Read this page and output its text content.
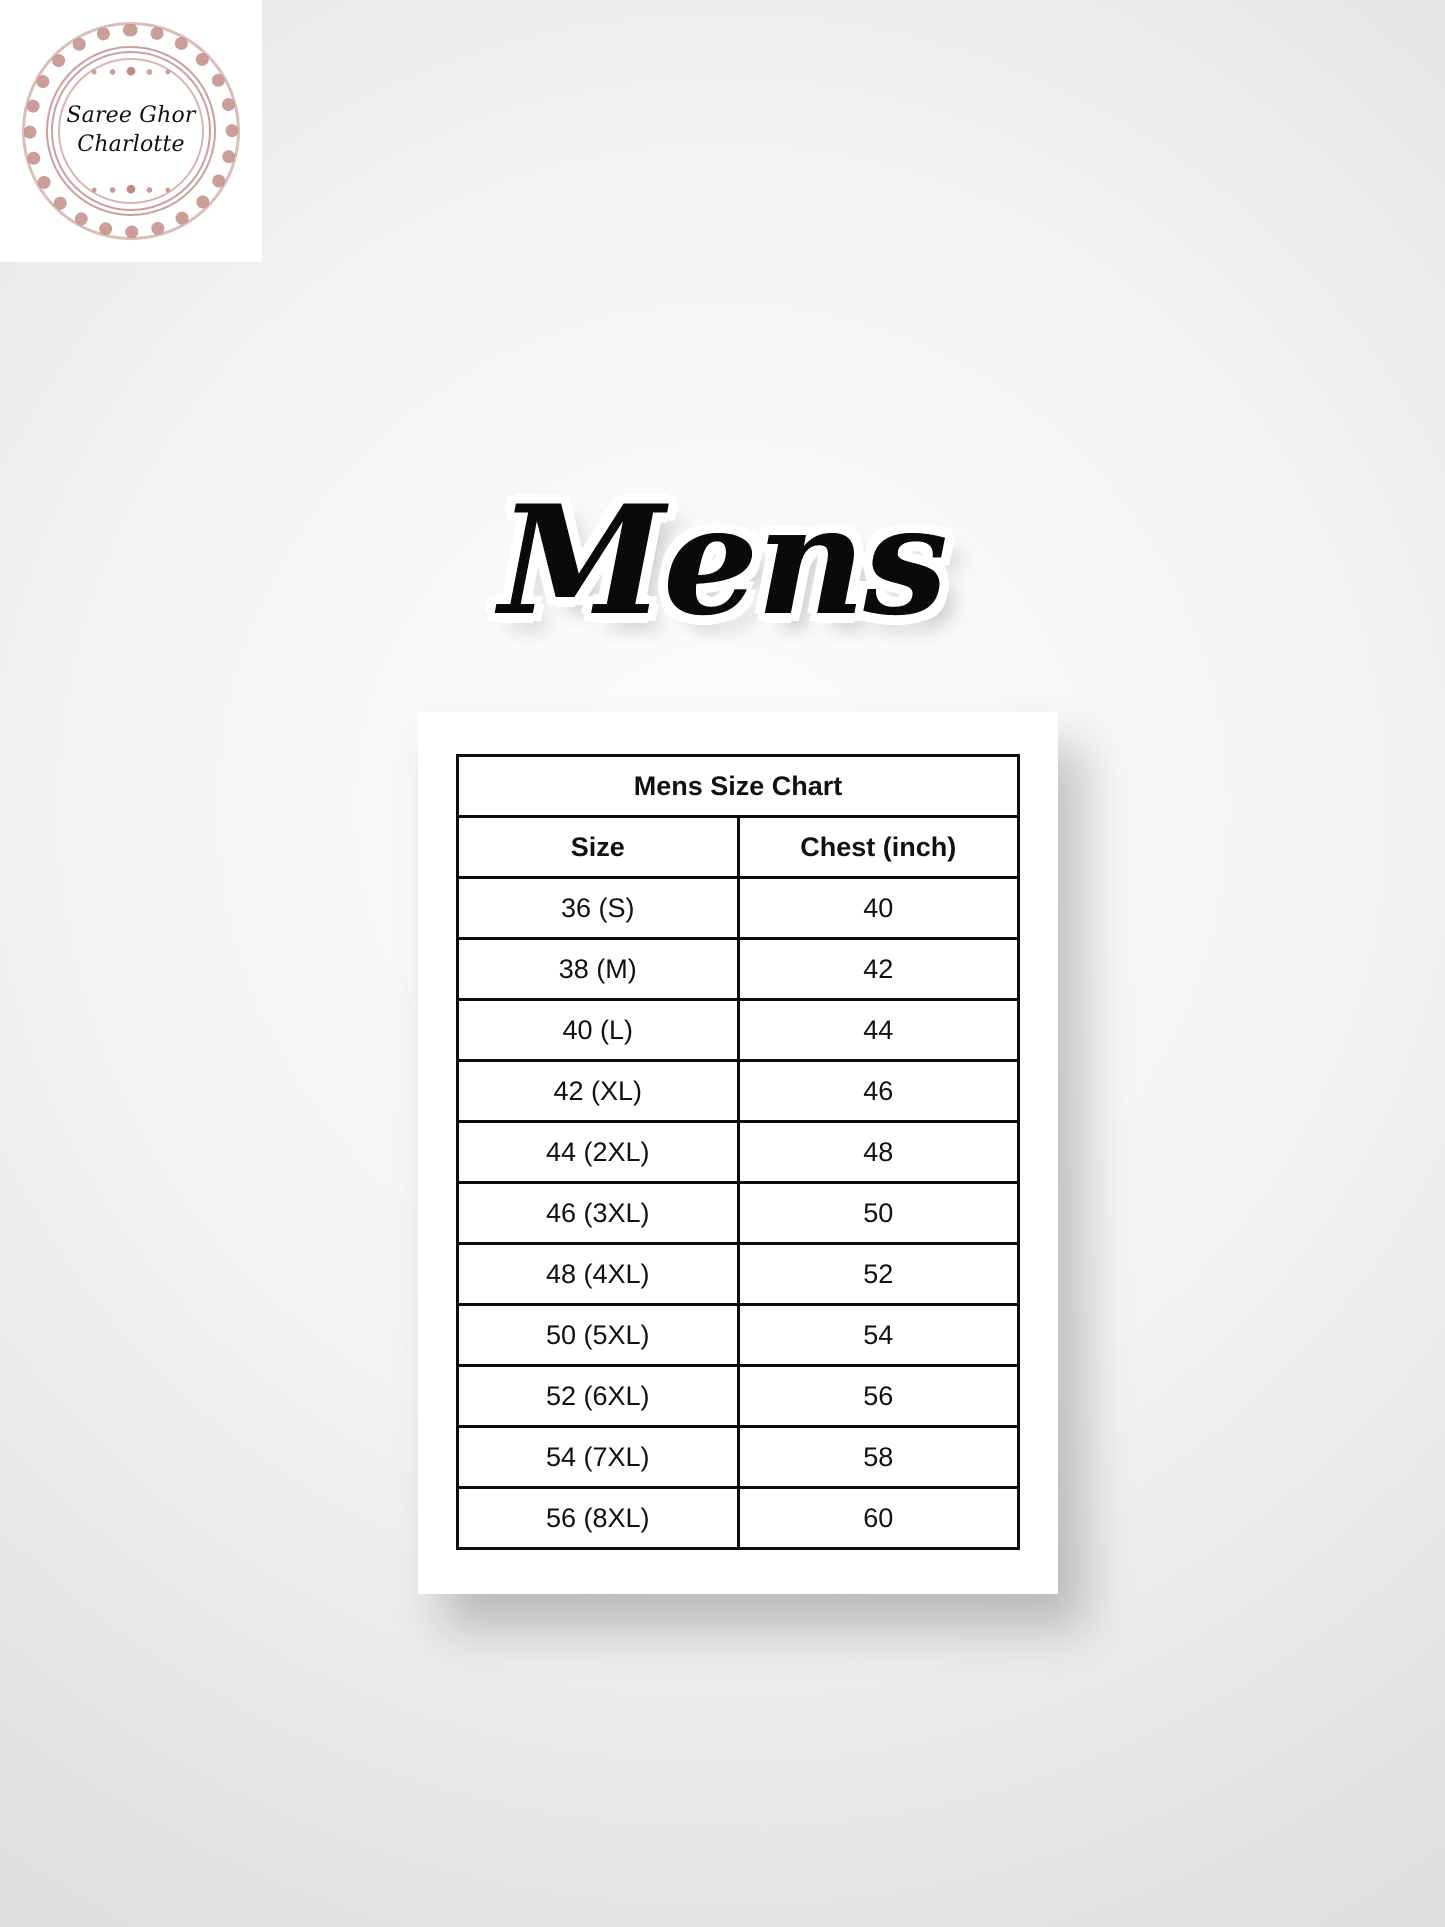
Saree Ghor
Charlotte
Mens
Mens Size Chart	
Size	Chest (inch)
36 (S)	40
38 (M)	42
40 (L)	44
42 (XL)	46
44 (2XL)	48
46 (3XL)	50
48 (4XL)	52
50 (5XL)	54
52 (6XL)	56
54 (7XL)	58
56 (8XL)	60
